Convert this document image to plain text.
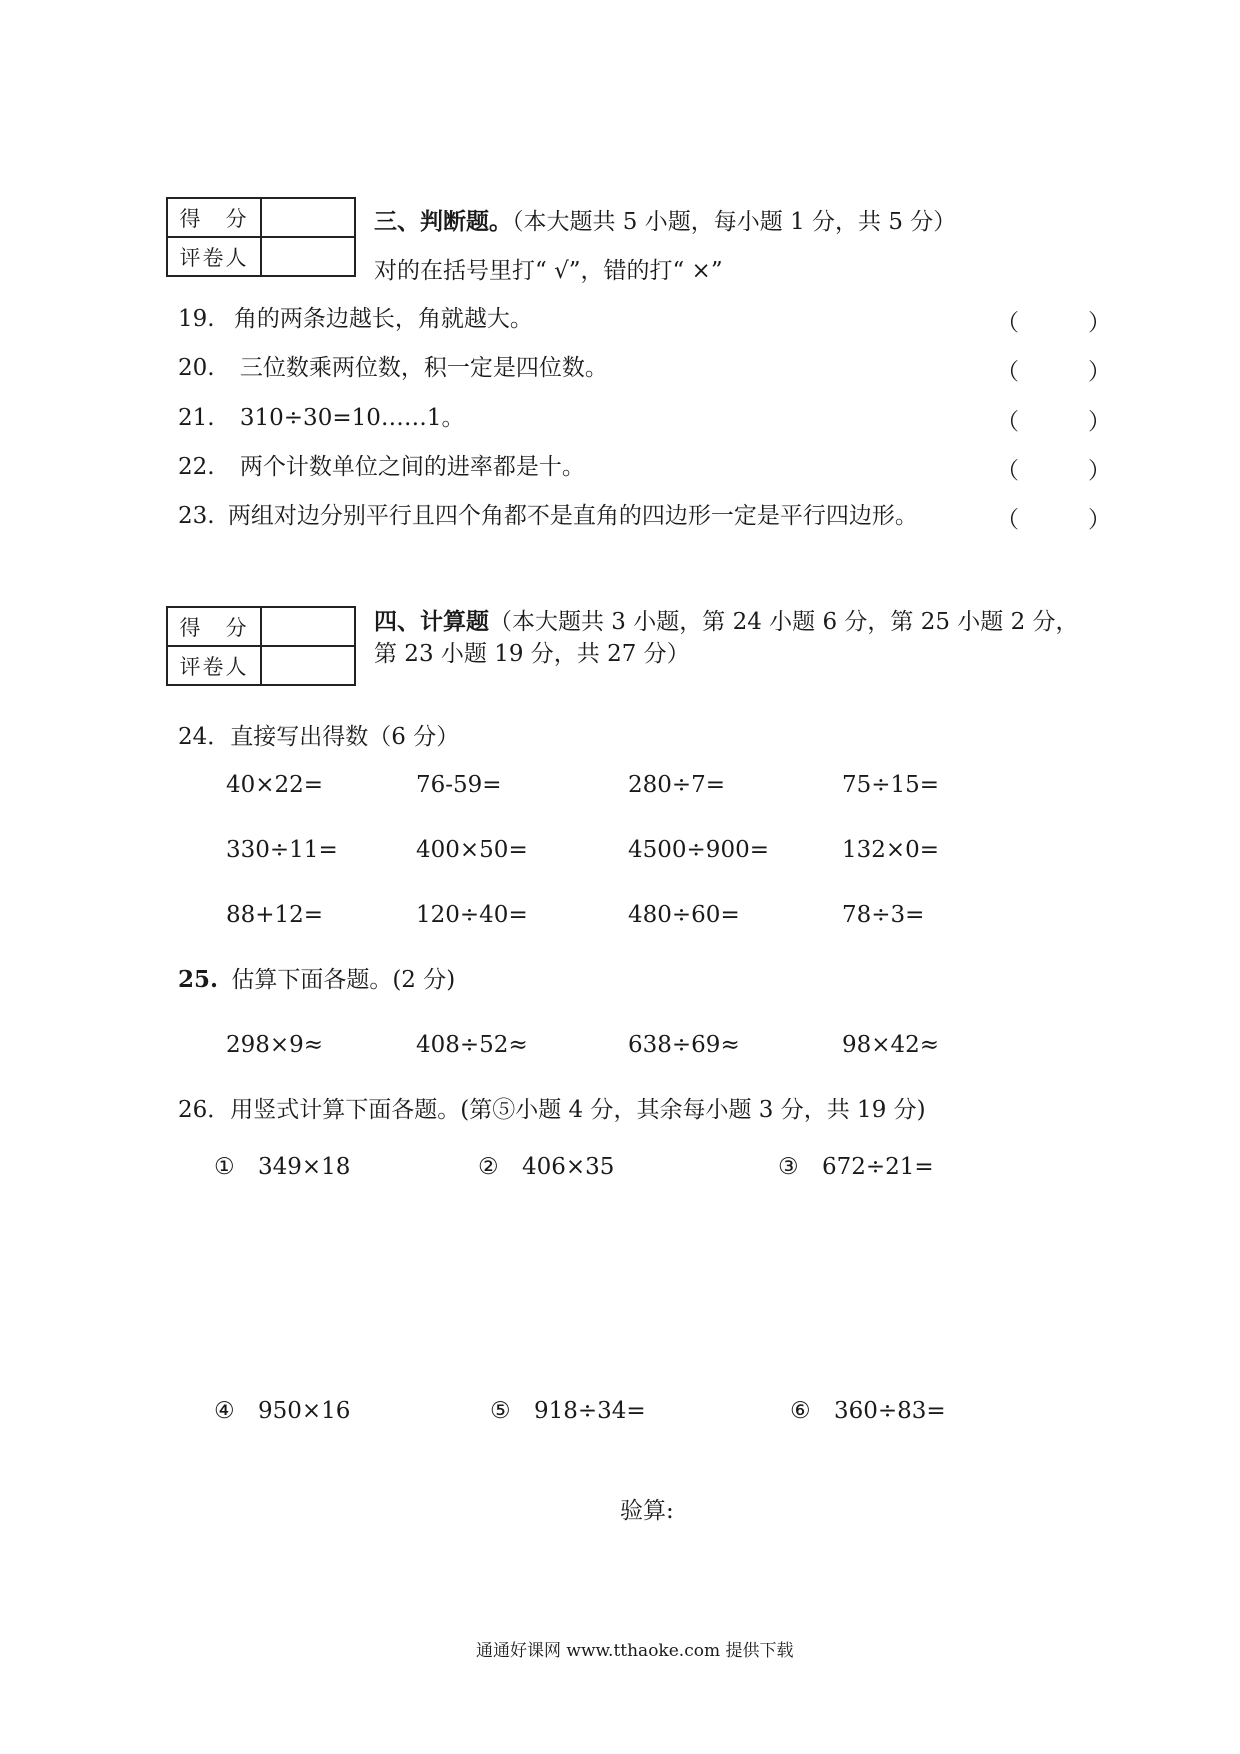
得　分	
评卷人	
三、判断题。（本大题共 5 小题，每小题 1 分，共 5 分）
对的在括号里打“ √”，错的打“ ×”
19. 角的两条边越长，角就越大。	（　　　）
20. 三位数乘两位数，积一定是四位数。	（　　　）
21. 310÷30=10……1。	（　　　）
22. 两个计数单位之间的进率都是十。	（　　　）
23. 两组对边分别平行且四个角都不是直角的四边形一定是平行四边形。	（　　　）
得　分	
评卷人	
四、计算题（本大题共 3 小题，第 24 小题 6 分，第 25 小题 2 分，
第 23 小题 19 分，共 27 分）
24．直接写出得数（6 分）
40×22=	76-59=	280÷7=	75÷15=
330÷11=	400×50=	4500÷900=	132×0=
88+12=	120÷40=	480÷60=	78÷3=
25. 估算下面各题。(2 分)
298×9≈	408÷52≈	638÷69≈	98×42≈
26．用竖式计算下面各题。(第⑤小题 4 分，其余每小题 3 分，共 19 分)
① 349×18	② 406×35	③ 672÷21=
④ 950×16	⑤ 918÷34=	⑥ 360÷83=
验算:
通通好课网 www.tthaoke.com 提供下载
